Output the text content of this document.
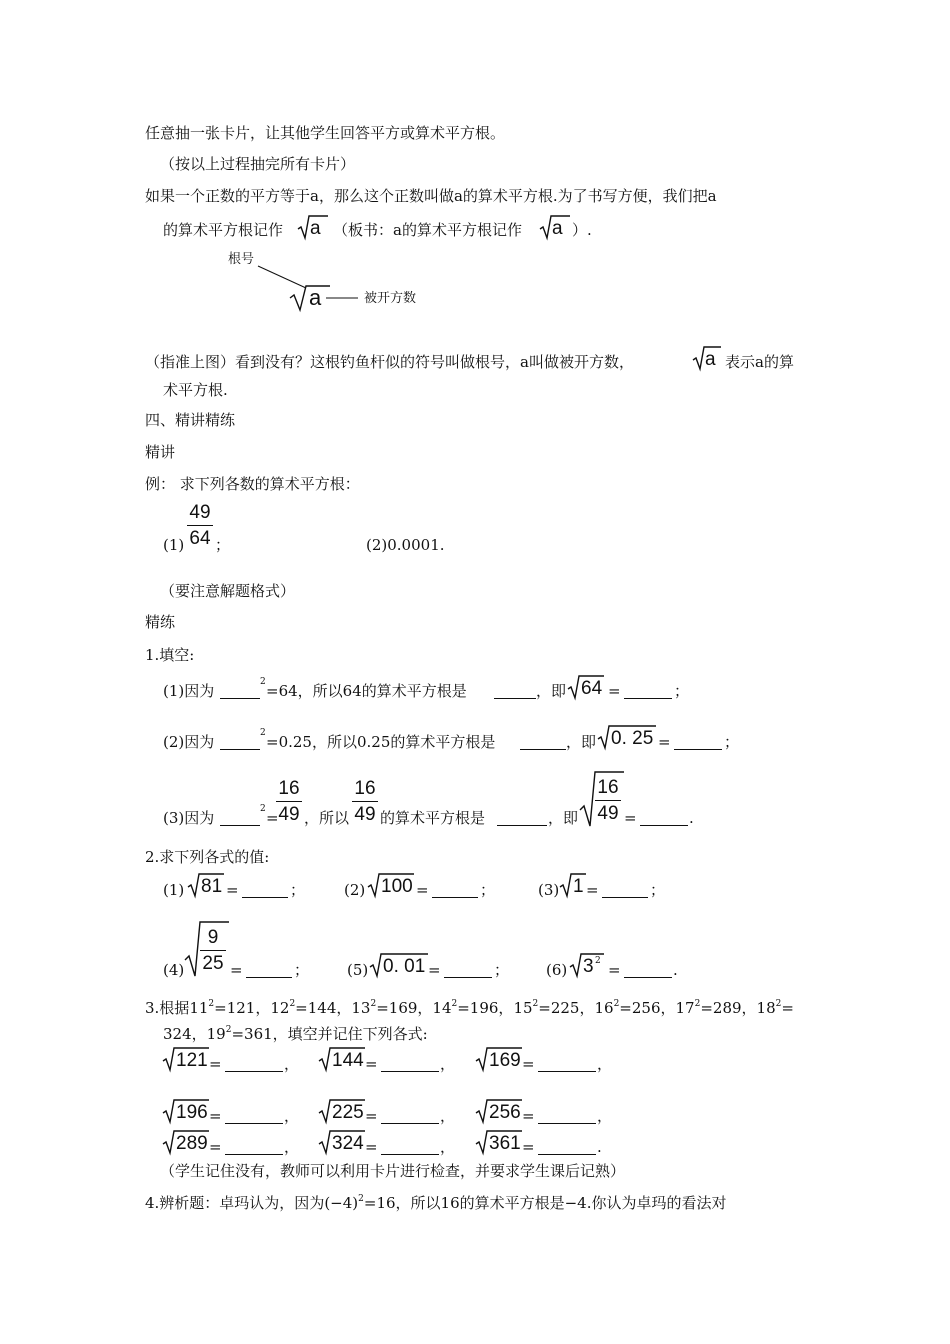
任意抽一张卡片，让其他学生回答平方或算术平方根。
（按以上过程抽完所有卡片）
如果一个正数的平方等于a，那么这个正数叫做a的算术平方根.为了书写方便，我们把a
的算术平方根记作 a （板书：a的算术平方根记作 a ）.
根号
a	被开方数
（指准上图）看到没有？这根钓鱼杆似的符号叫做根号，a叫做被开方数，	a 表示a的算
术平方根.
四、精讲精练
精讲
例： 求下列各数的算术平方根：
$(1) \frac{49}{64}$ ；	(2)0.0001.
（要注意解题格式）
精练
1.填空:
(1)因为	2 =64，所以64的算术平方根是	，即 64 =	；
(2)因为	2 =0.25，所以0.25的算术平方根是	，即 0. 25 =	；
(3)因为	2 =
$\frac{16}{49}$ ，所以 $\frac{16}{49}$ 的算术平方根是	，即 $\frac{16}{49}$ =	.
2.求下列各式的值:
(1) 81 =	；	(2) 100 =	；	(3) 1 =	；
$(4) \frac{9}{25}$ =	；	(5) 0. 01 =	； (6) 3 2 =	.
3.根据$11^2=121$，$12^2=144$，$13^2=169$，$14^2=196$，$15^2=225$，$16^2=256$，$17^2=289$，$18^2=$
324，$19^2=361$，填空并记住下列各式:
121 =	， 144 =	， 169 =	，
196 =	， 225 =	， 256 =	，
289 =	， 324 =	， 361 =	.
（学生记住没有，教师可以利用卡片进行检查，并要求学生课后记熟）
4.辨析题：卓玛认为，因为$(-4)^2=16$，所以16的算术平方根是−4.你认为卓玛的看法对
